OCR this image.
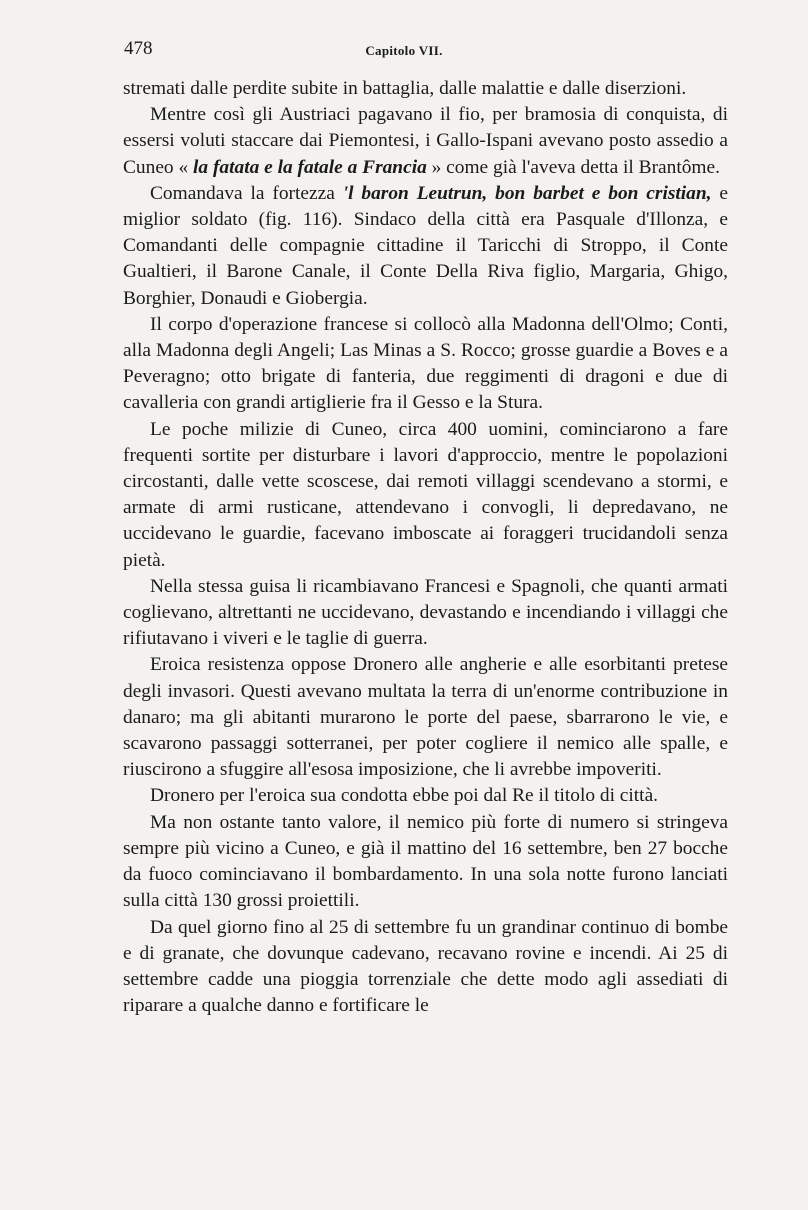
478	Capitolo VII.

stremati dalle perdite subite in battaglia, dalle malattie e dalle diserzioni.

Mentre così gli Austriaci pagavano il fio, per bramosia di conquista, di essersi voluti staccare dai Piemontesi, i Gallo-Ispani avevano posto assedio a Cuneo « la fatata e la fatale a Francia » come già l'aveva detta il Brantôme.

Comandava la fortezza 'l baron Leutrun, bon barbet e bon cristian, e miglior soldato (fig. 116). Sindaco della città era Pasquale d'Illonza, e Comandanti delle compagnie cittadine il Taricchi di Stroppo, il Conte Gualtieri, il Barone Canale, il Conte Della Riva figlio, Margaria, Ghigo, Borghier, Donaudi e Giobergia.

Il corpo d'operazione francese si collocò alla Madonna dell'Olmo; Conti, alla Madonna degli Angeli; Las Minas a S. Rocco; grosse guardie a Boves e a Peveragno; otto brigate di fanteria, due reggimenti di dragoni e due di cavalleria con grandi artiglierie fra il Gesso e la Stura.

Le poche milizie di Cuneo, circa 400 uomini, cominciarono a fare frequenti sortite per disturbare i lavori d'approccio, mentre le popolazioni circostanti, dalle vette scoscese, dai remoti villaggi scendevano a stormi, e armate di armi rusticane, attendevano i convogli, li depredavano, ne uccidevano le guardie, facevano imboscate ai foraggeri trucidandoli senza pietà.

Nella stessa guisa li ricambiavano Francesi e Spagnoli, che quanti armati coglievano, altrettanti ne uccidevano, devastando e incendiando i villaggi che rifiutavano i viveri e le taglie di guerra.

Eroica resistenza oppose Dronero alle angherie e alle esorbitanti pretese degli invasori. Questi avevano multata la terra di un'enorme contribuzione in danaro; ma gli abitanti murarono le porte del paese, sbarrarono le vie, e scavarono passaggi sotterranei, per poter cogliere il nemico alle spalle, e riuscirono a sfuggire all'esosa imposizione, che li avrebbe impoveriti.

Dronero per l'eroica sua condotta ebbe poi dal Re il titolo di città.

Ma non ostante tanto valore, il nemico più forte di numero si stringeva sempre più vicino a Cuneo, e già il mattino del 16 settembre, ben 27 bocche da fuoco cominciavano il bombardamento. In una sola notte furono lanciati sulla città 130 grossi proiettili.

Da quel giorno fino al 25 di settembre fu un grandinar continuo di bombe e di granate, che dovunque cadevano, recavano rovine e incendi. Ai 25 di settembre cadde una pioggia torrenziale che dette modo agli assediati di riparare a qualche danno e fortificare le
